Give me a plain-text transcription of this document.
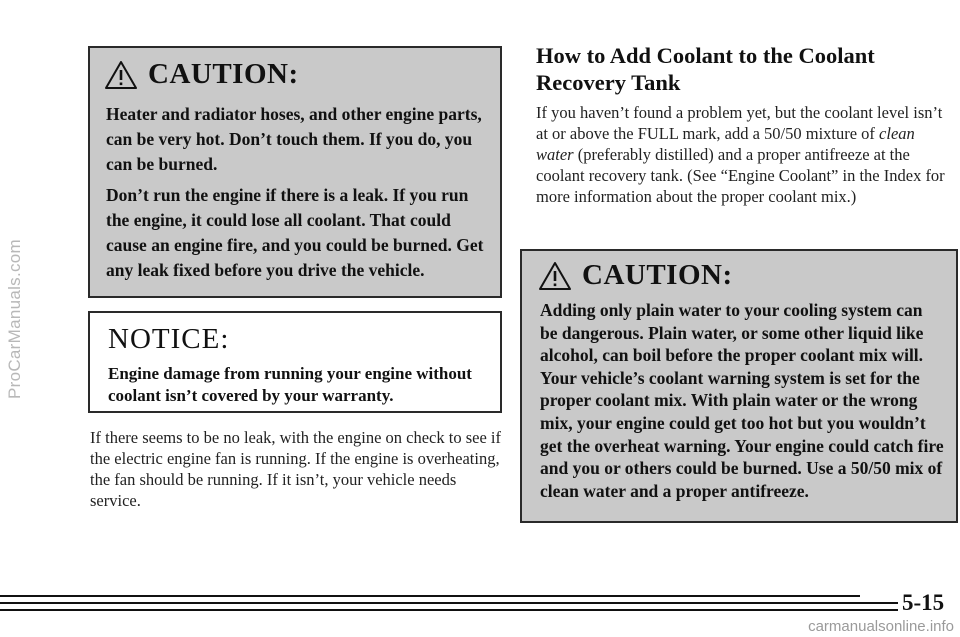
ProCarManuals.com
CAUTION:

Heater and radiator hoses, and other engine parts, can be very hot. Don’t touch them. If you do, you can be burned.

Don’t run the engine if there is a leak. If you run the engine, it could lose all coolant. That could cause an engine fire, and you could be burned. Get any leak fixed before you drive the vehicle.

NOTICE:

Engine damage from running your engine without coolant isn’t covered by your warranty.

If there seems to be no leak, with the engine on check to see if the electric engine fan is running. If the engine is overheating, the fan should be running. If it isn’t, your vehicle needs service.

How to Add Coolant to the Coolant Recovery Tank

If you haven’t found a problem yet, but the coolant level isn’t at or above the FULL mark, add a 50/50 mixture of clean water (preferably distilled) and a proper antifreeze at the coolant recovery tank. (See “Engine Coolant” in the Index for more information about the proper coolant mix.)

CAUTION:

Adding only plain water to your cooling system can be dangerous. Plain water, or some other liquid like alcohol, can boil before the proper coolant mix will. Your vehicle’s coolant warning system is set for the proper coolant mix. With plain water or the wrong mix, your engine could get too hot but you wouldn’t get the overheat warning. Your engine could catch fire and you or others could be burned. Use a 50/50 mix of clean water and a proper antifreeze.

5-15

carmanualsonline.info
